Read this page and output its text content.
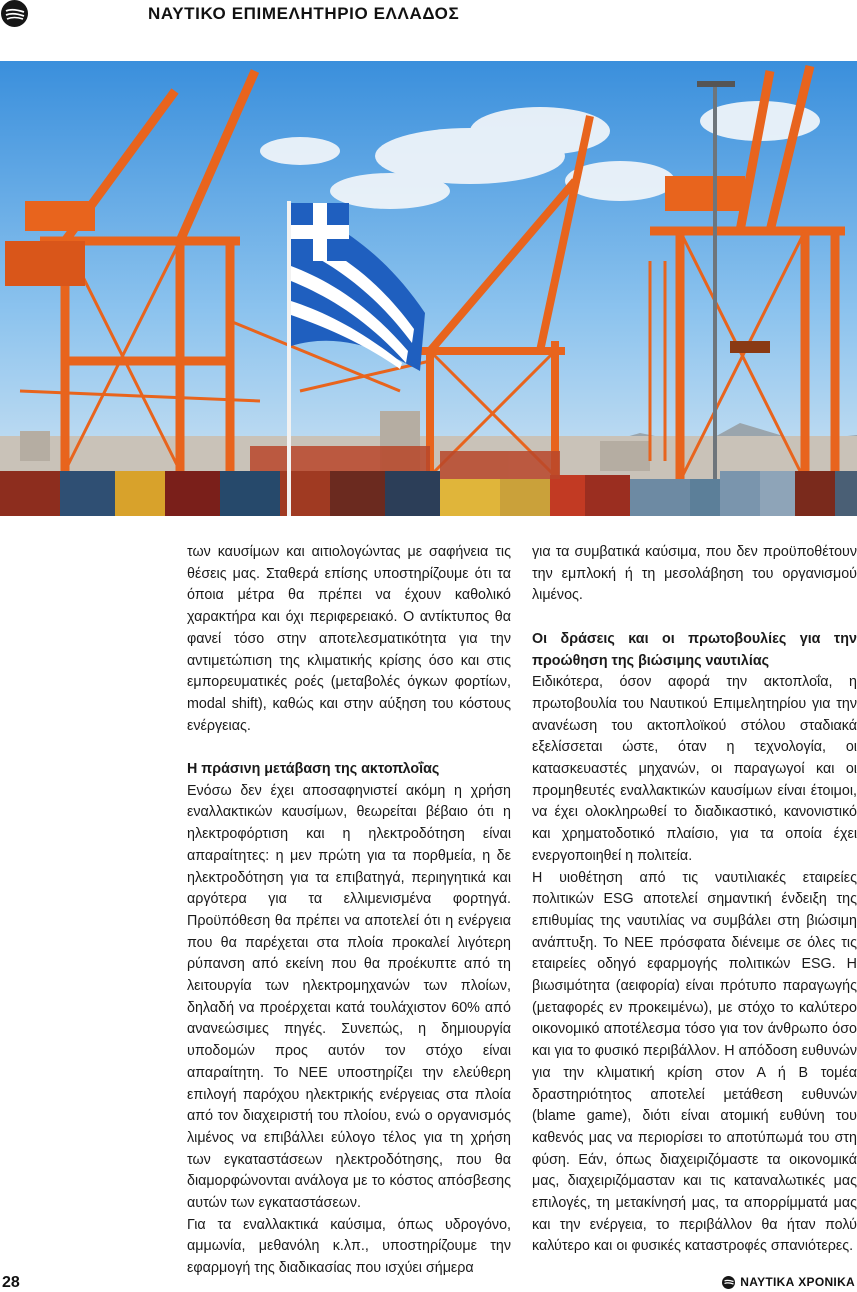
ΝΑΥΤΙΚΟ ΕΠΙΜΕΛΗΤΗΡΙΟ ΕΛΛΑΔΟΣ

των καυσίμων και αιτιολογώντας με σαφήνεια τις θέσεις μας. Σταθερά επίσης υποστηρίζουμε ότι τα όποια μέτρα θα πρέπει να έχουν καθολικό χαρακτήρα και όχι περιφερειακό. Ο αντίκτυπος θα φανεί τόσο στην αποτελεσματικότητα για την αντιμετώπιση της κλιματικής κρίσης όσο και στις εμπορευματικές ροές (μεταβολές όγκων φορτίων, modal shift), καθώς και στην αύξηση του κόστους ενέργειας.

Η πράσινη μετάβαση της ακτοπλοΐας

Ενόσω δεν έχει αποσαφηνιστεί ακόμη η χρήση εναλλακτικών καυσίμων, θεωρείται βέβαιο ότι η ηλεκτροφόρτιση και η ηλεκτροδότηση είναι απαραίτητες: η μεν πρώτη για τα πορθμεία, η δε ηλεκτροδότηση για τα επιβατηγά, περιηγητικά και αργότερα για τα ελλιμενισμένα φορτηγά. Προϋπόθεση θα πρέπει να αποτελεί ότι η ενέργεια που θα παρέχεται στα πλοία προκαλεί λιγότερη ρύπανση από εκείνη που θα προέκυπτε από τη λειτουργία των ηλεκτρομηχανών των πλοίων, δηλαδή να προέρχεται κατά τουλάχιστον 60% από ανανεώσιμες πηγές. Συνεπώς, η δημιουργία υποδομών προς αυτόν τον στόχο είναι απαραίτητη. Το ΝΕΕ υποστηρίζει την ελεύθερη επιλογή παρόχου ηλεκτρικής ενέργειας στα πλοία από τον διαχειριστή του πλοίου, ενώ ο οργανισμός λιμένος να επιβάλλει εύλογο τέλος για τη χρήση των εγκαταστάσεων ηλεκτροδότησης, που θα διαμορφώνονται ανάλογα με το κόστος απόσβεσης αυτών των εγκαταστάσεων.

Για τα εναλλακτικά καύσιμα, όπως υδρογόνο, αμμωνία, μεθανόλη κ.λπ., υποστηρίζουμε την εφαρμογή της διαδικασίας που ισχύει σήμερα

για τα συμβατικά καύσιμα, που δεν προϋποθέτουν την εμπλοκή ή τη μεσολάβηση του οργανισμού λιμένος.

Οι δράσεις και οι πρωτοβουλίες για την προώθηση της βιώσιμης ναυτιλίας

Ειδικότερα, όσον αφορά την ακτοπλοΐα, η πρωτοβουλία του Ναυτικού Επιμελητηρίου για την ανανέωση του ακτοπλοϊκού στόλου σταδιακά εξελίσσεται ώστε, όταν η τεχνολογία, οι κατασκευαστές μηχανών, οι παραγωγοί και οι προμηθευτές εναλλακτικών καυσίμων είναι έτοιμοι, να έχει ολοκληρωθεί το διαδικαστικό, κανονιστικό και χρηματοδοτικό πλαίσιο, για τα οποία έχει ενεργοποιηθεί η πολιτεία.

Η υιοθέτηση από τις ναυτιλιακές εταιρείες πολιτικών ESG αποτελεί σημαντική ένδειξη της επιθυμίας της ναυτιλίας να συμβάλει στη βιώσιμη ανάπτυξη. Το ΝΕΕ πρόσφατα διένειμε σε όλες τις εταιρείες οδηγό εφαρμογής πολιτικών ESG. Η βιωσιμότητα (αειφορία) είναι πρότυπο παραγωγής (μεταφορές εν προκειμένω), με στόχο το καλύτερο οικονομικό αποτέλεσμα τόσο για τον άνθρωπο όσο και για το φυσικό περιβάλλον. Η απόδοση ευθυνών για την κλιματική κρίση στον Α ή Β τομέα δραστηριότητος αποτελεί μετάθεση ευθυνών (blame game), διότι είναι ατομική ευθύνη του καθενός μας να περιορίσει το αποτύπωμά του στη φύση. Εάν, όπως διαχειριζόμαστε τα οικονομικά μας, διαχειριζόμασταν και τις καταναλωτικές μας επιλογές, τη μετακίνησή μας, τα απορρίμματά μας και την ενέργεια, το περιβάλλον θα ήταν πολύ καλύτερο και οι φυσικές καταστροφές σπανιότερες.

28	ΝΑΥΤΙΚΑ ΧΡΟΝΙΚΑ
